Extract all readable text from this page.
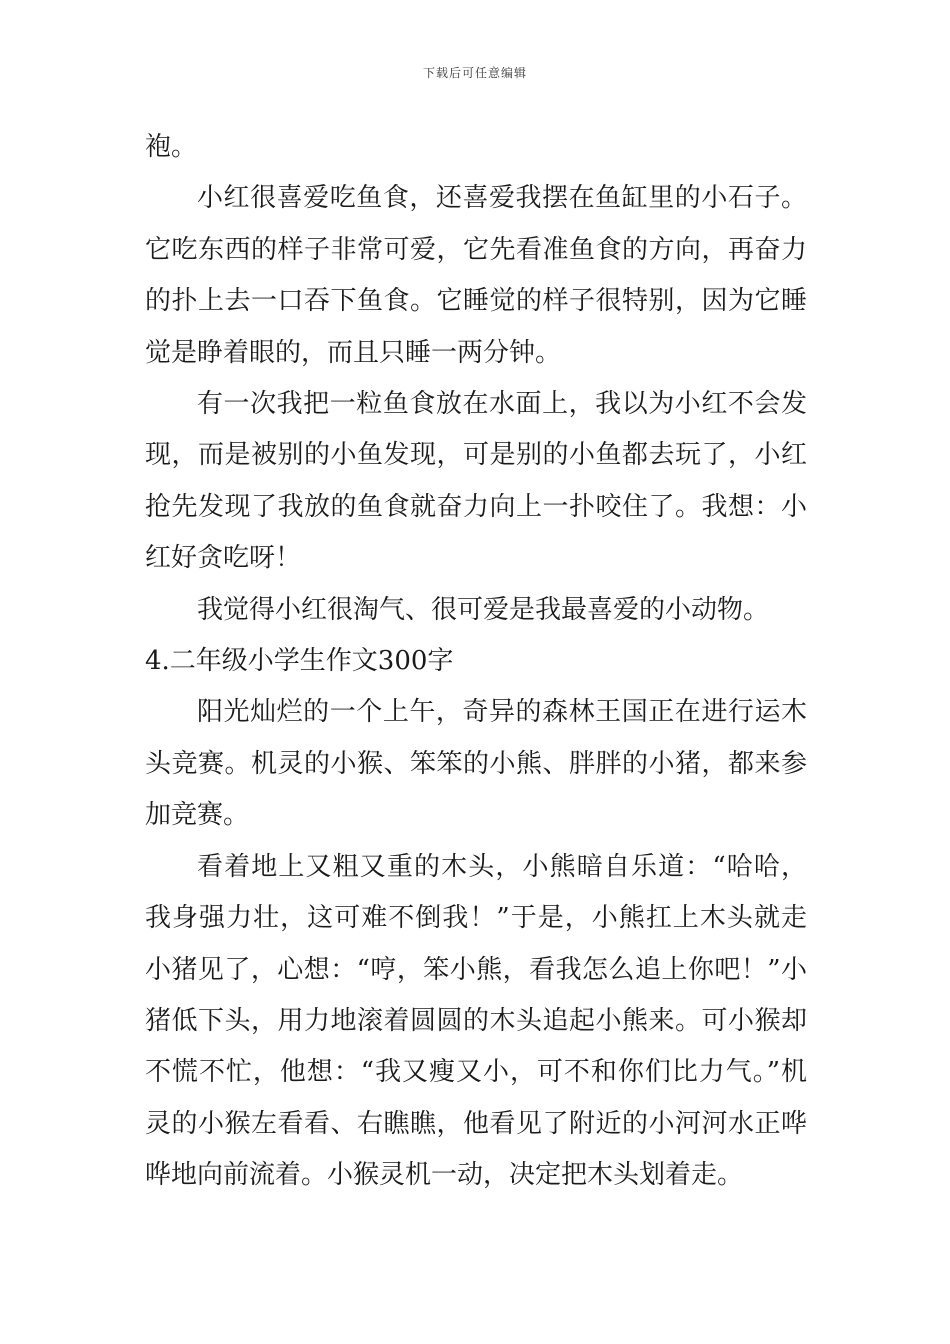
下载后可任意编辑

袍。

小红很喜爱吃鱼食，还喜爱我摆在鱼缸里的小石子。它吃东西的样子非常可爱，它先看准鱼食的方向，再奋力的扑上去一口吞下鱼食。它睡觉的样子很特别，因为它睡觉是睁着眼的，而且只睡一两分钟。

有一次我把一粒鱼食放在水面上，我以为小红不会发现，而是被别的小鱼发现，可是别的小鱼都去玩了，小红抢先发现了我放的鱼食就奋力向上一扑咬住了。我想：小红好贪吃呀！

我觉得小红很淘气、很可爱是我最喜爱的小动物。

4.二年级小学生作文300字

阳光灿烂的一个上午，奇异的森林王国正在进行运木头竞赛。机灵的小猴、笨笨的小熊、胖胖的小猪，都来参加竞赛。

看着地上又粗又重的木头，小熊暗自乐道：“哈哈，我身强力壮，这可难不倒我！”于是，小熊扛上木头就走小猪见了，心想：“哼，笨小熊，看我怎么追上你吧！”小猪低下头，用力地滚着圆圆的木头追起小熊来。可小猴却不慌不忙，他想：“我又瘦又小，可不和你们比力气。”机灵的小猴左看看、右瞧瞧，他看见了附近的小河河水正哗哗地向前流着。小猴灵机一动，决定把木头划着走。
